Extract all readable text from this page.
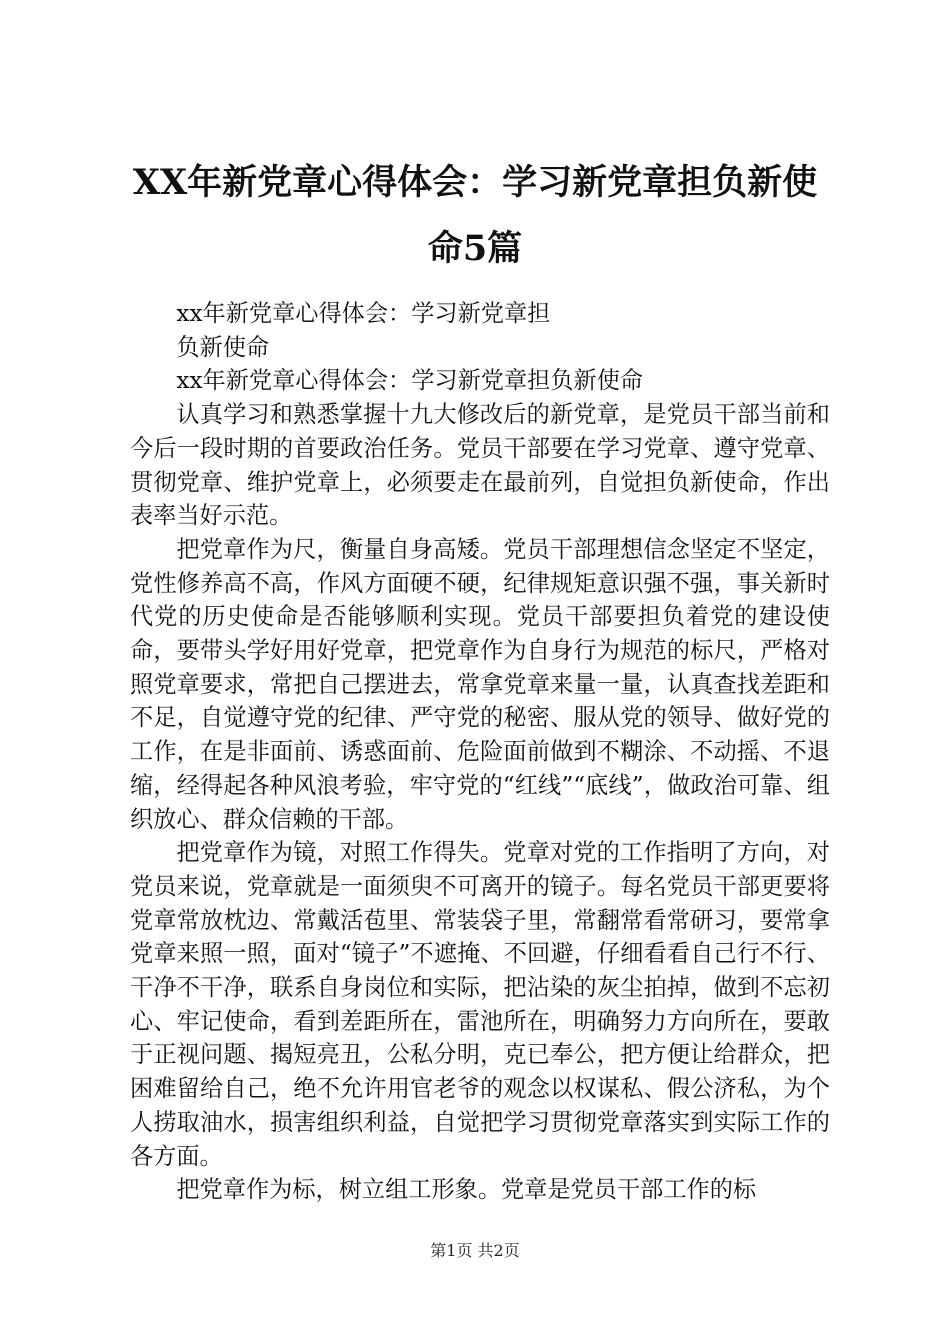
XX年新党章心得体会：学习新党章担负新使命5篇

xx年新党章心得体会：学习新党章担

负新使命

xx年新党章心得体会：学习新党章担负新使命

认真学习和熟悉掌握十九大修改后的新党章，是党员干部当前和今后一段时期的首要政治任务。党员干部要在学习党章、遵守党章、贯彻党章、维护党章上，必须要走在最前列，自觉担负新使命，作出表率当好示范。

把党章作为尺，衡量自身高矮。党员干部理想信念坚定不坚定，党性修养高不高，作风方面硬不硬，纪律规矩意识强不强，事关新时代党的历史使命是否能够顺利实现。党员干部要担负着党的建设使命，要带头学好用好党章，把党章作为自身行为规范的标尺，严格对照党章要求，常把自己摆进去，常拿党章来量一量，认真查找差距和不足，自觉遵守党的纪律、严守党的秘密、服从党的领导、做好党的工作，在是非面前、诱惑面前、危险面前做到不糊涂、不动摇、不退缩，经得起各种风浪考验，牢守党的“红线”“底线”，做政治可靠、组织放心、群众信赖的干部。

把党章作为镜，对照工作得失。党章对党的工作指明了方向，对党员来说，党章就是一面须臾不可离开的镜子。每名党员干部更要将党章常放枕边、常戴活苞里、常装袋子里，常翻常看常研习，要常拿党章来照一照，面对“镜子”不遮掩、不回避，仔细看看自己行不行、干净不干净，联系自身岗位和实际，把沾染的灰尘拍掉，做到不忘初心、牢记使命，看到差距所在，雷池所在，明确努力方向所在，要敢于正视问题、揭短亮丑，公私分明，克已奉公，把方便让给群众，把困难留给自己，绝不允许用官老爷的观念以权谋私、假公济私，为个人捞取油水，损害组织利益，自觉把学习贯彻党章落实到实际工作的各方面。

把党章作为标，树立组工形象。党章是党员干部工作的标

第1页 共2页
